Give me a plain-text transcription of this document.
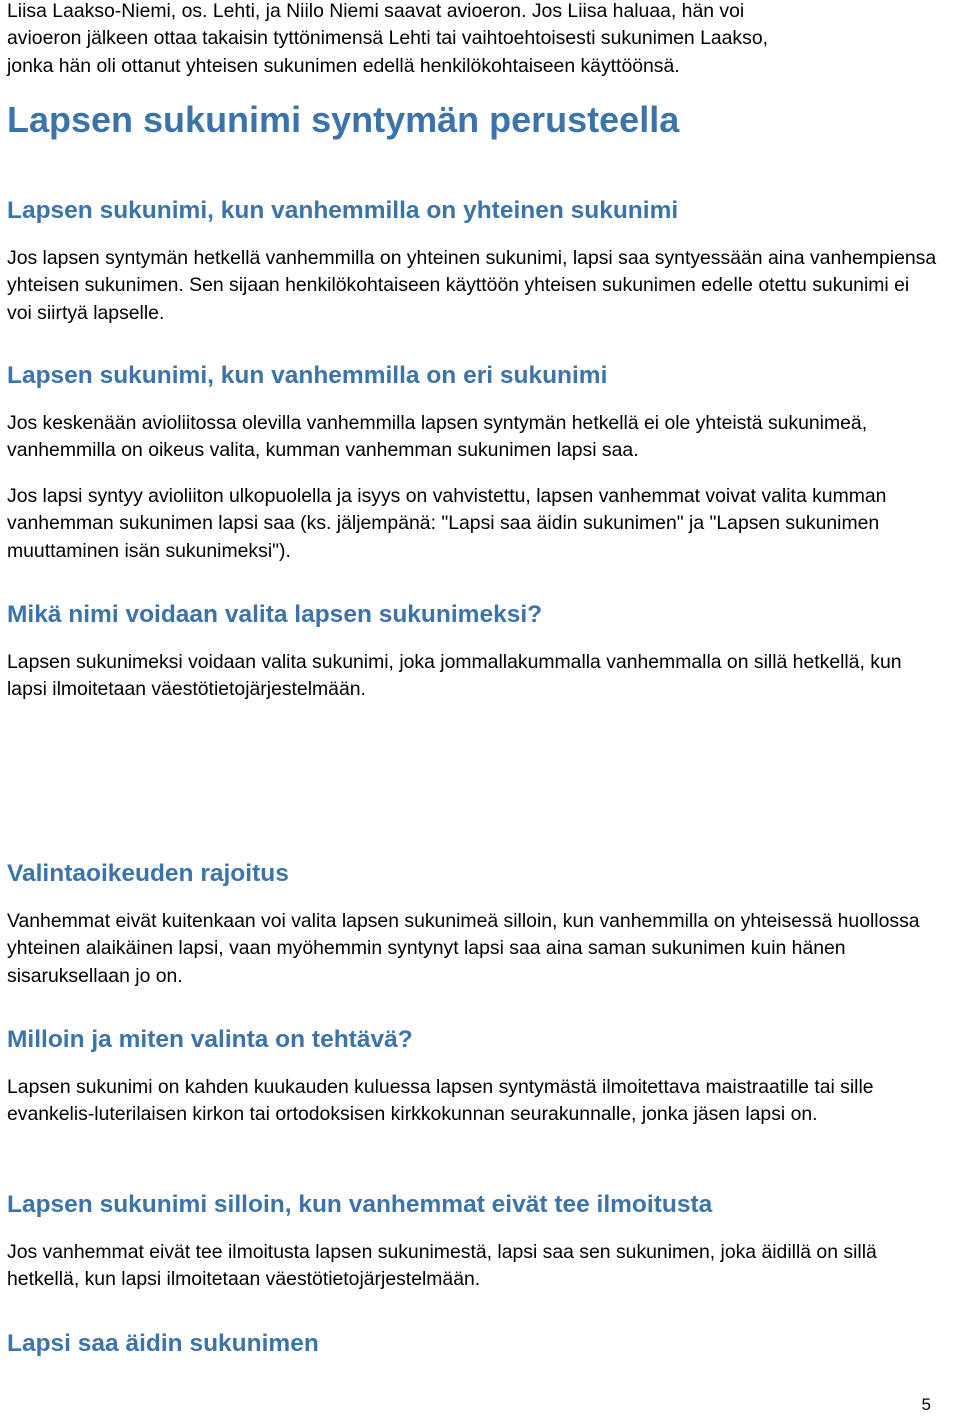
Liisa Laakso-Niemi, os. Lehti, ja Niilo Niemi saavat avioeron. Jos Liisa haluaa, hän voi
avioeron jälkeen ottaa takaisin tyttönimensä Lehti tai vaihtoehtoisesti sukunimen Laakso,
jonka hän oli ottanut yhteisen sukunimen edellä henkilökohtaiseen käyttöönsä.

Lapsen sukunimi syntymän perusteella
Lapsen sukunimi, kun vanhemmilla on yhteinen sukunimi

Jos lapsen syntymän hetkellä vanhemmilla on yhteinen sukunimi, lapsi saa syntyessään aina vanhempiensa yhteisen sukunimen. Sen sijaan henkilökohtaiseen käyttöön yhteisen sukunimen edelle otettu sukunimi ei voi siirtyä lapselle.

Lapsen sukunimi, kun vanhemmilla on eri sukunimi

Jos keskenään avioliitossa olevilla vanhemmilla lapsen syntymän hetkellä ei ole yhteistä sukunimeä, vanhemmilla on oikeus valita, kumman vanhemman sukunimen lapsi saa.

Jos lapsi syntyy avioliiton ulkopuolella ja isyys on vahvistettu, lapsen vanhemmat voivat valita kumman vanhemman sukunimen lapsi saa (ks. jäljempänä: "Lapsi saa äidin sukunimen" ja "Lapsen sukunimen muuttaminen isän sukunimeksi").

Mikä nimi voidaan valita lapsen sukunimeksi?

Lapsen sukunimeksi voidaan valita sukunimi, joka jommallakummalla vanhemmalla on sillä hetkellä, kun lapsi ilmoitetaan väestötietojärjestelmään.

Valintaoikeuden rajoitus

Vanhemmat eivät kuitenkaan voi valita lapsen sukunimeä silloin, kun vanhemmilla on yhteisessä huollossa yhteinen alaikäinen lapsi, vaan myöhemmin syntynyt lapsi saa aina saman sukunimen kuin hänen sisaruksellaan jo on.

Milloin ja miten valinta on tehtävä?

Lapsen sukunimi on kahden kuukauden kuluessa lapsen syntymästä ilmoitettava maistraatille tai sille evankelis-luterilaisen kirkon tai ortodoksisen kirkkokunnan seurakunnalle, jonka jäsen lapsi on.

Lapsen sukunimi silloin, kun vanhemmat eivät tee ilmoitusta

Jos vanhemmat eivät tee ilmoitusta lapsen sukunimestä, lapsi saa sen sukunimen, joka äidillä on sillä hetkellä, kun lapsi ilmoitetaan väestötietojärjestelmään.

Lapsi saa äidin sukunimen
5
